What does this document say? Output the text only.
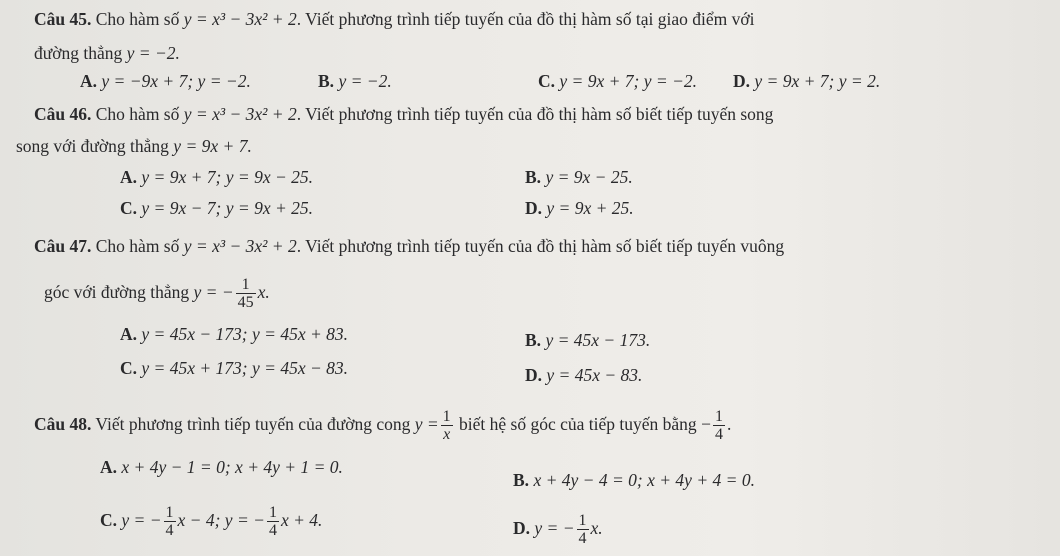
Câu 45. Cho hàm số y = x³ − 3x² + 2. Viết phương trình tiếp tuyến của đồ thị hàm số tại giao điểm với
đường thẳng y = −2.
A. y = −9x + 7; y = −2.	B. y = −2.	C. y = 9x + 7; y = −2. D. y = 9x + 7; y = 2.
Câu 46. Cho hàm số y = x³ − 3x² + 2. Viết phương trình tiếp tuyến của đồ thị hàm số biết tiếp tuyến song
song với đường thẳng y = 9x + 7.
A. y = 9x + 7; y = 9x − 25.	B. y = 9x − 25.
C. y = 9x − 7; y = 9x + 25.	D. y = 9x + 25.
Câu 47. Cho hàm số y = x³ − 3x² + 2. Viết phương trình tiếp tuyến của đồ thị hàm số biết tiếp tuyến vuông
góc với đường thẳng y = − $\frac{1}{45} x$.
A. y = 45x − 173; y = 45x + 83.	B. y = 45x − 173.
C. y = 45x + 173; y = 45x − 83.	D. y = 45x − 83.
Câu 48. Viết phương trình tiếp tuyến của đường cong $y = \frac{1}{x}$ biết hệ số góc của tiếp tuyến bằng − $\frac{1}{4}$ .
A. x + 4y − 1 = 0; x + 4y + 1 = 0.
B. x + 4y − 4 = 0; x + 4y + 4 = 0.
C. y = − $\frac{1}{4}$ x − 4; y = − $\frac{1}{4}$ x + 4.	D. y = − $\frac{1}{4} x$.
